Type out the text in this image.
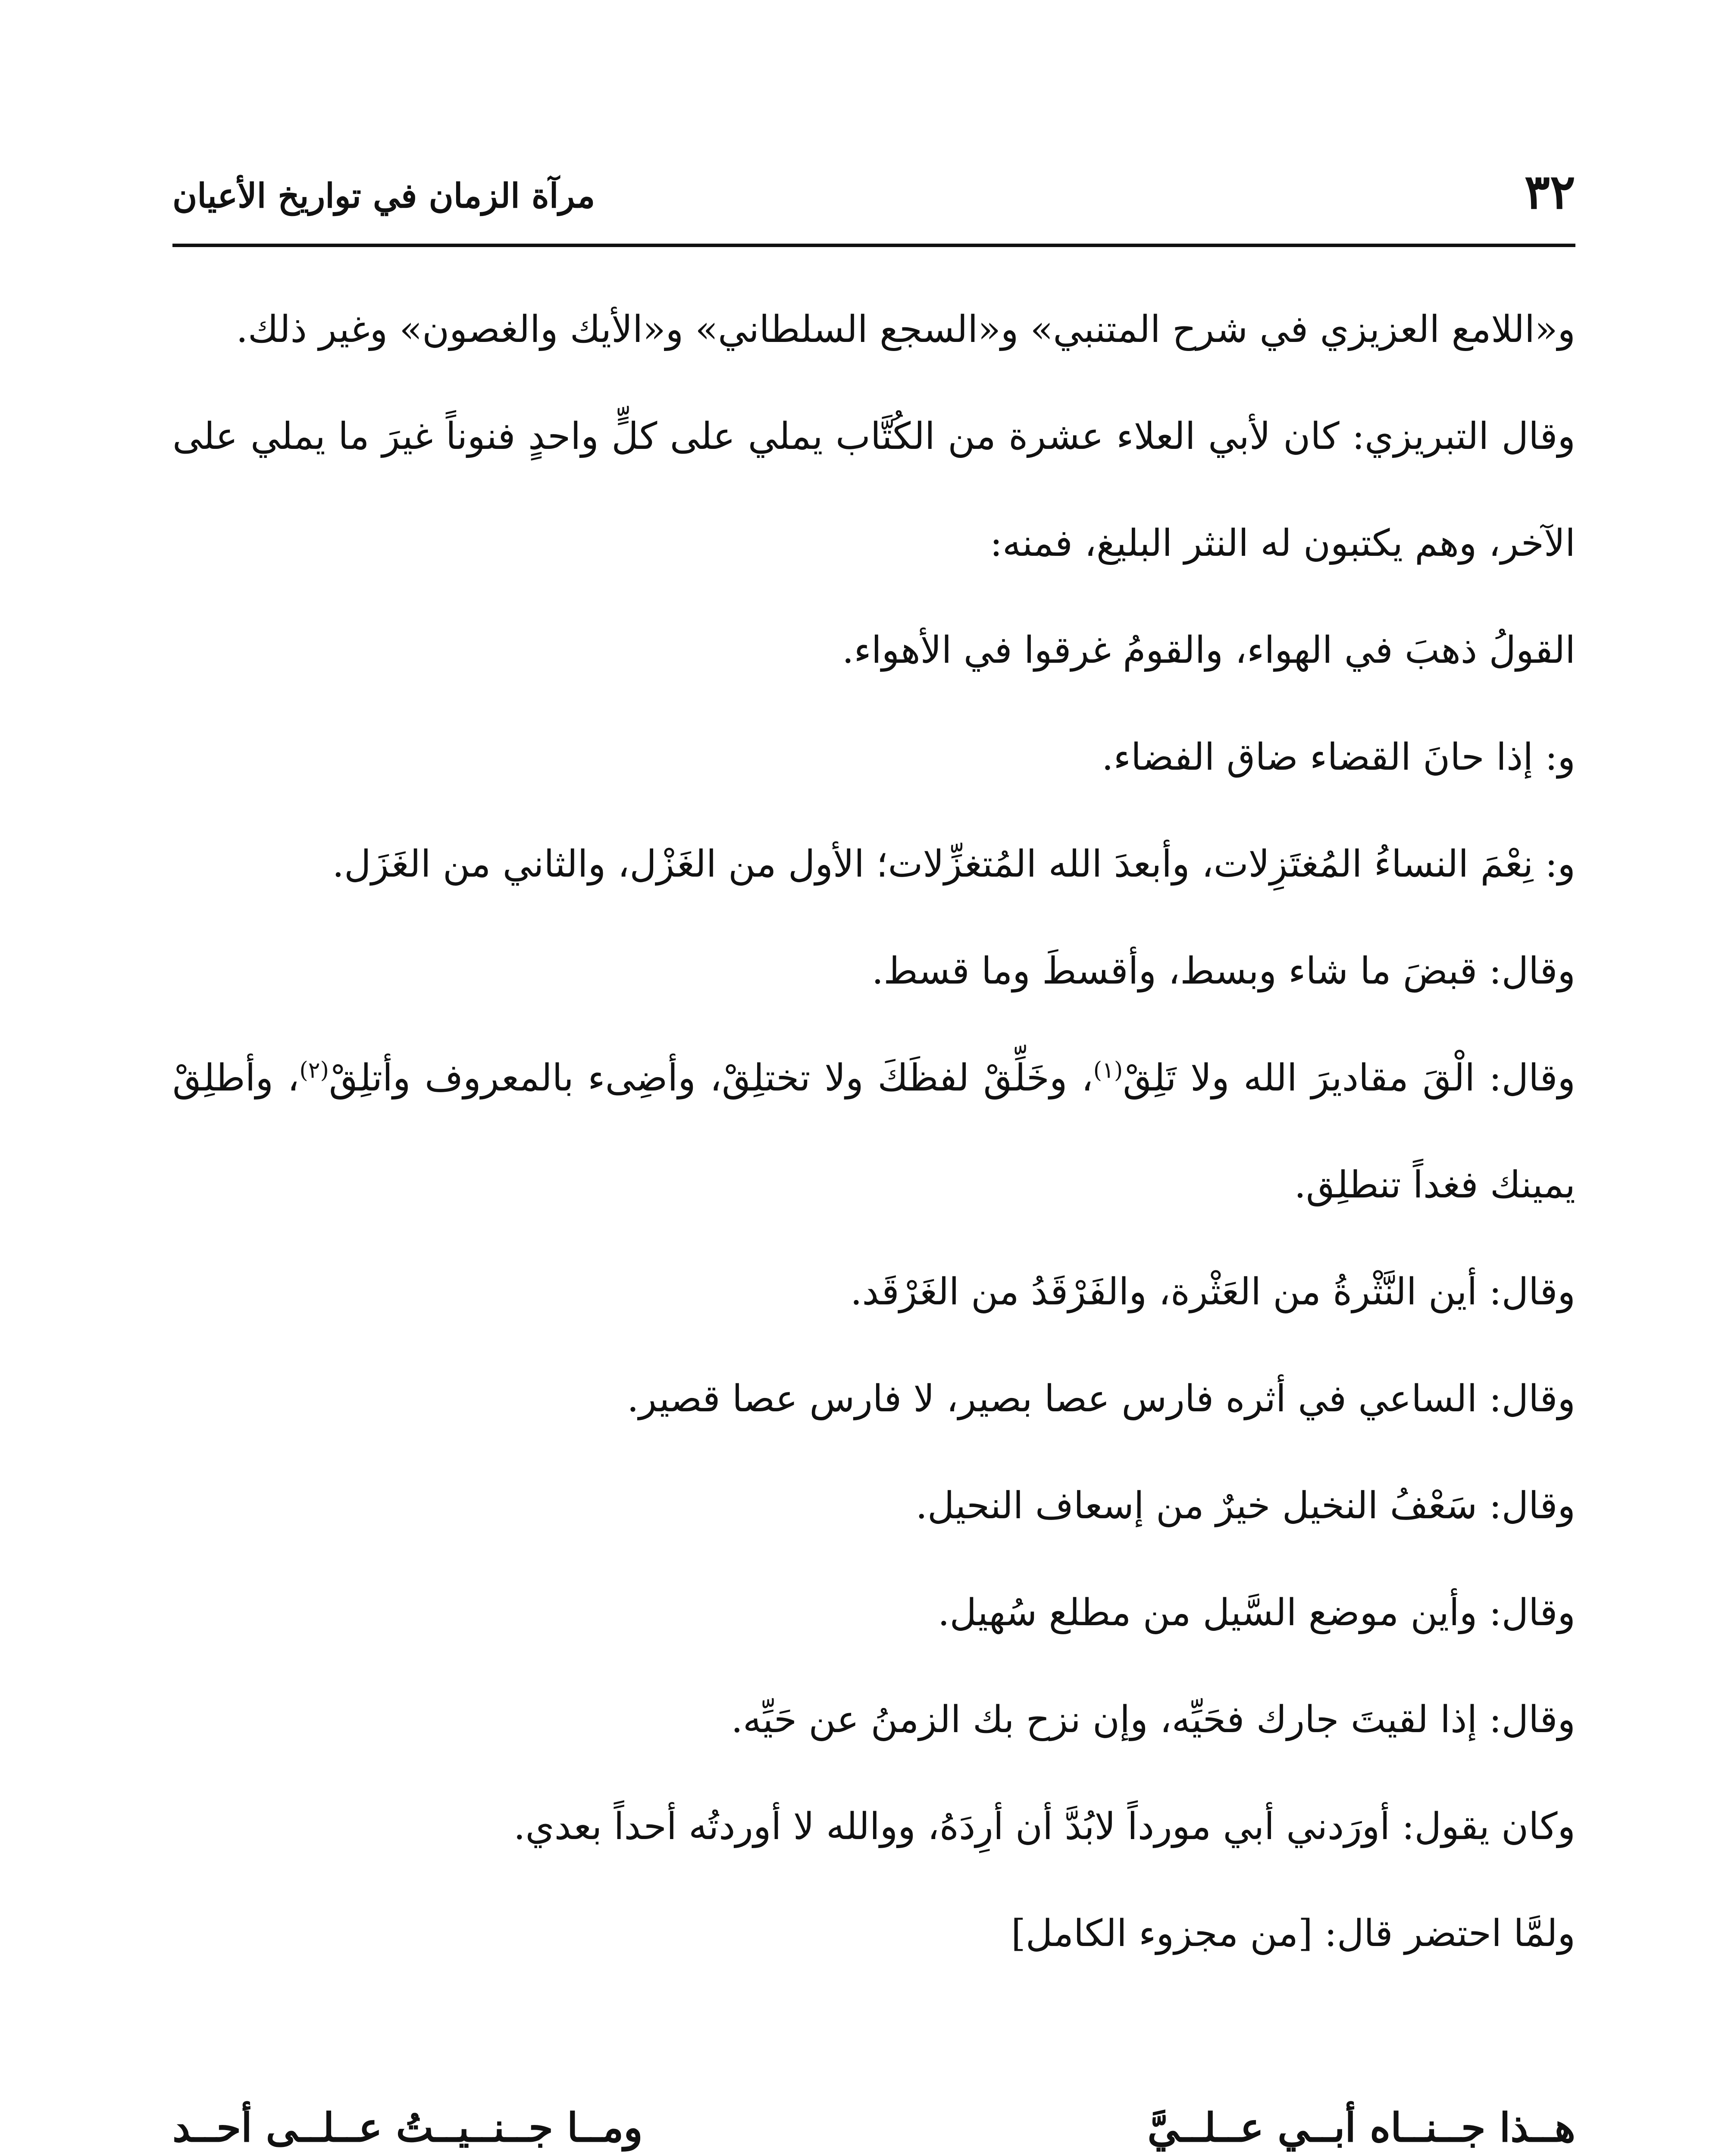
٣٢
مرآة الزمان في تواريخ الأعيان

و«اللامع العزيزي في شرح المتنبي» و«السجع السلطاني» و«الأيك والغصون» وغير ذلك.

وقال التبريزي: كان لأبي العلاء عشرة من الكُتَّاب يملي على كلٍّ واحدٍ فنوناً غيرَ ما يملي على الآخر، وهم يكتبون له النثر البليغ، فمنه:

القولُ ذهبَ في الهواء، والقومُ غرقوا في الأهواء.

و: إذا حانَ القضاء ضاق الفضاء.

و: نِعْمَ النساءُ المُغتَزِلات، وأبعدَ الله المُتغزِّلات؛ الأول من الغَزْل، والثاني من الغَزَل.

وقال: قبضَ ما شاء وبسط، وأقسطَ وما قسط.

وقال: الْقَ مقاديرَ الله ولا تَلِقْ$^{(١)}$، وخَلِّقْ لفظَكَ ولا تختلِقْ، وأضِىء بالمعروف وأتلِقْ$^{(٢)}$، وأطلِقْ يمينك فغداً تنطلِق.

وقال: أين النَّثْرةُ من العَثْرة، والفَرْقَدُ من الغَرْقَد.

وقال: الساعي في أثره فارس عصا بصير، لا فارس عصا قصير.

وقال: سَعْفُ النخيل خيرٌ من إسعاف النحيل.

وقال: وأين موضع السَّيل من مطلع سُهيل.

وقال: إذا لقيتَ جارك فحَيِّه، وإن نزح بك الزمنُ عن حَيِّه.

وكان يقول: أورَدني أبي مورداً لابُدَّ أن أرِدَهُ، ووالله لا أوردتُه أحداً بعدي.

ولمَّا احتضر قال: [من مجزوء الكامل]

هــذا جــنــاه أبــي عــلــيَّ
ومــا جــنــيــتُ عــلــى أحــد
